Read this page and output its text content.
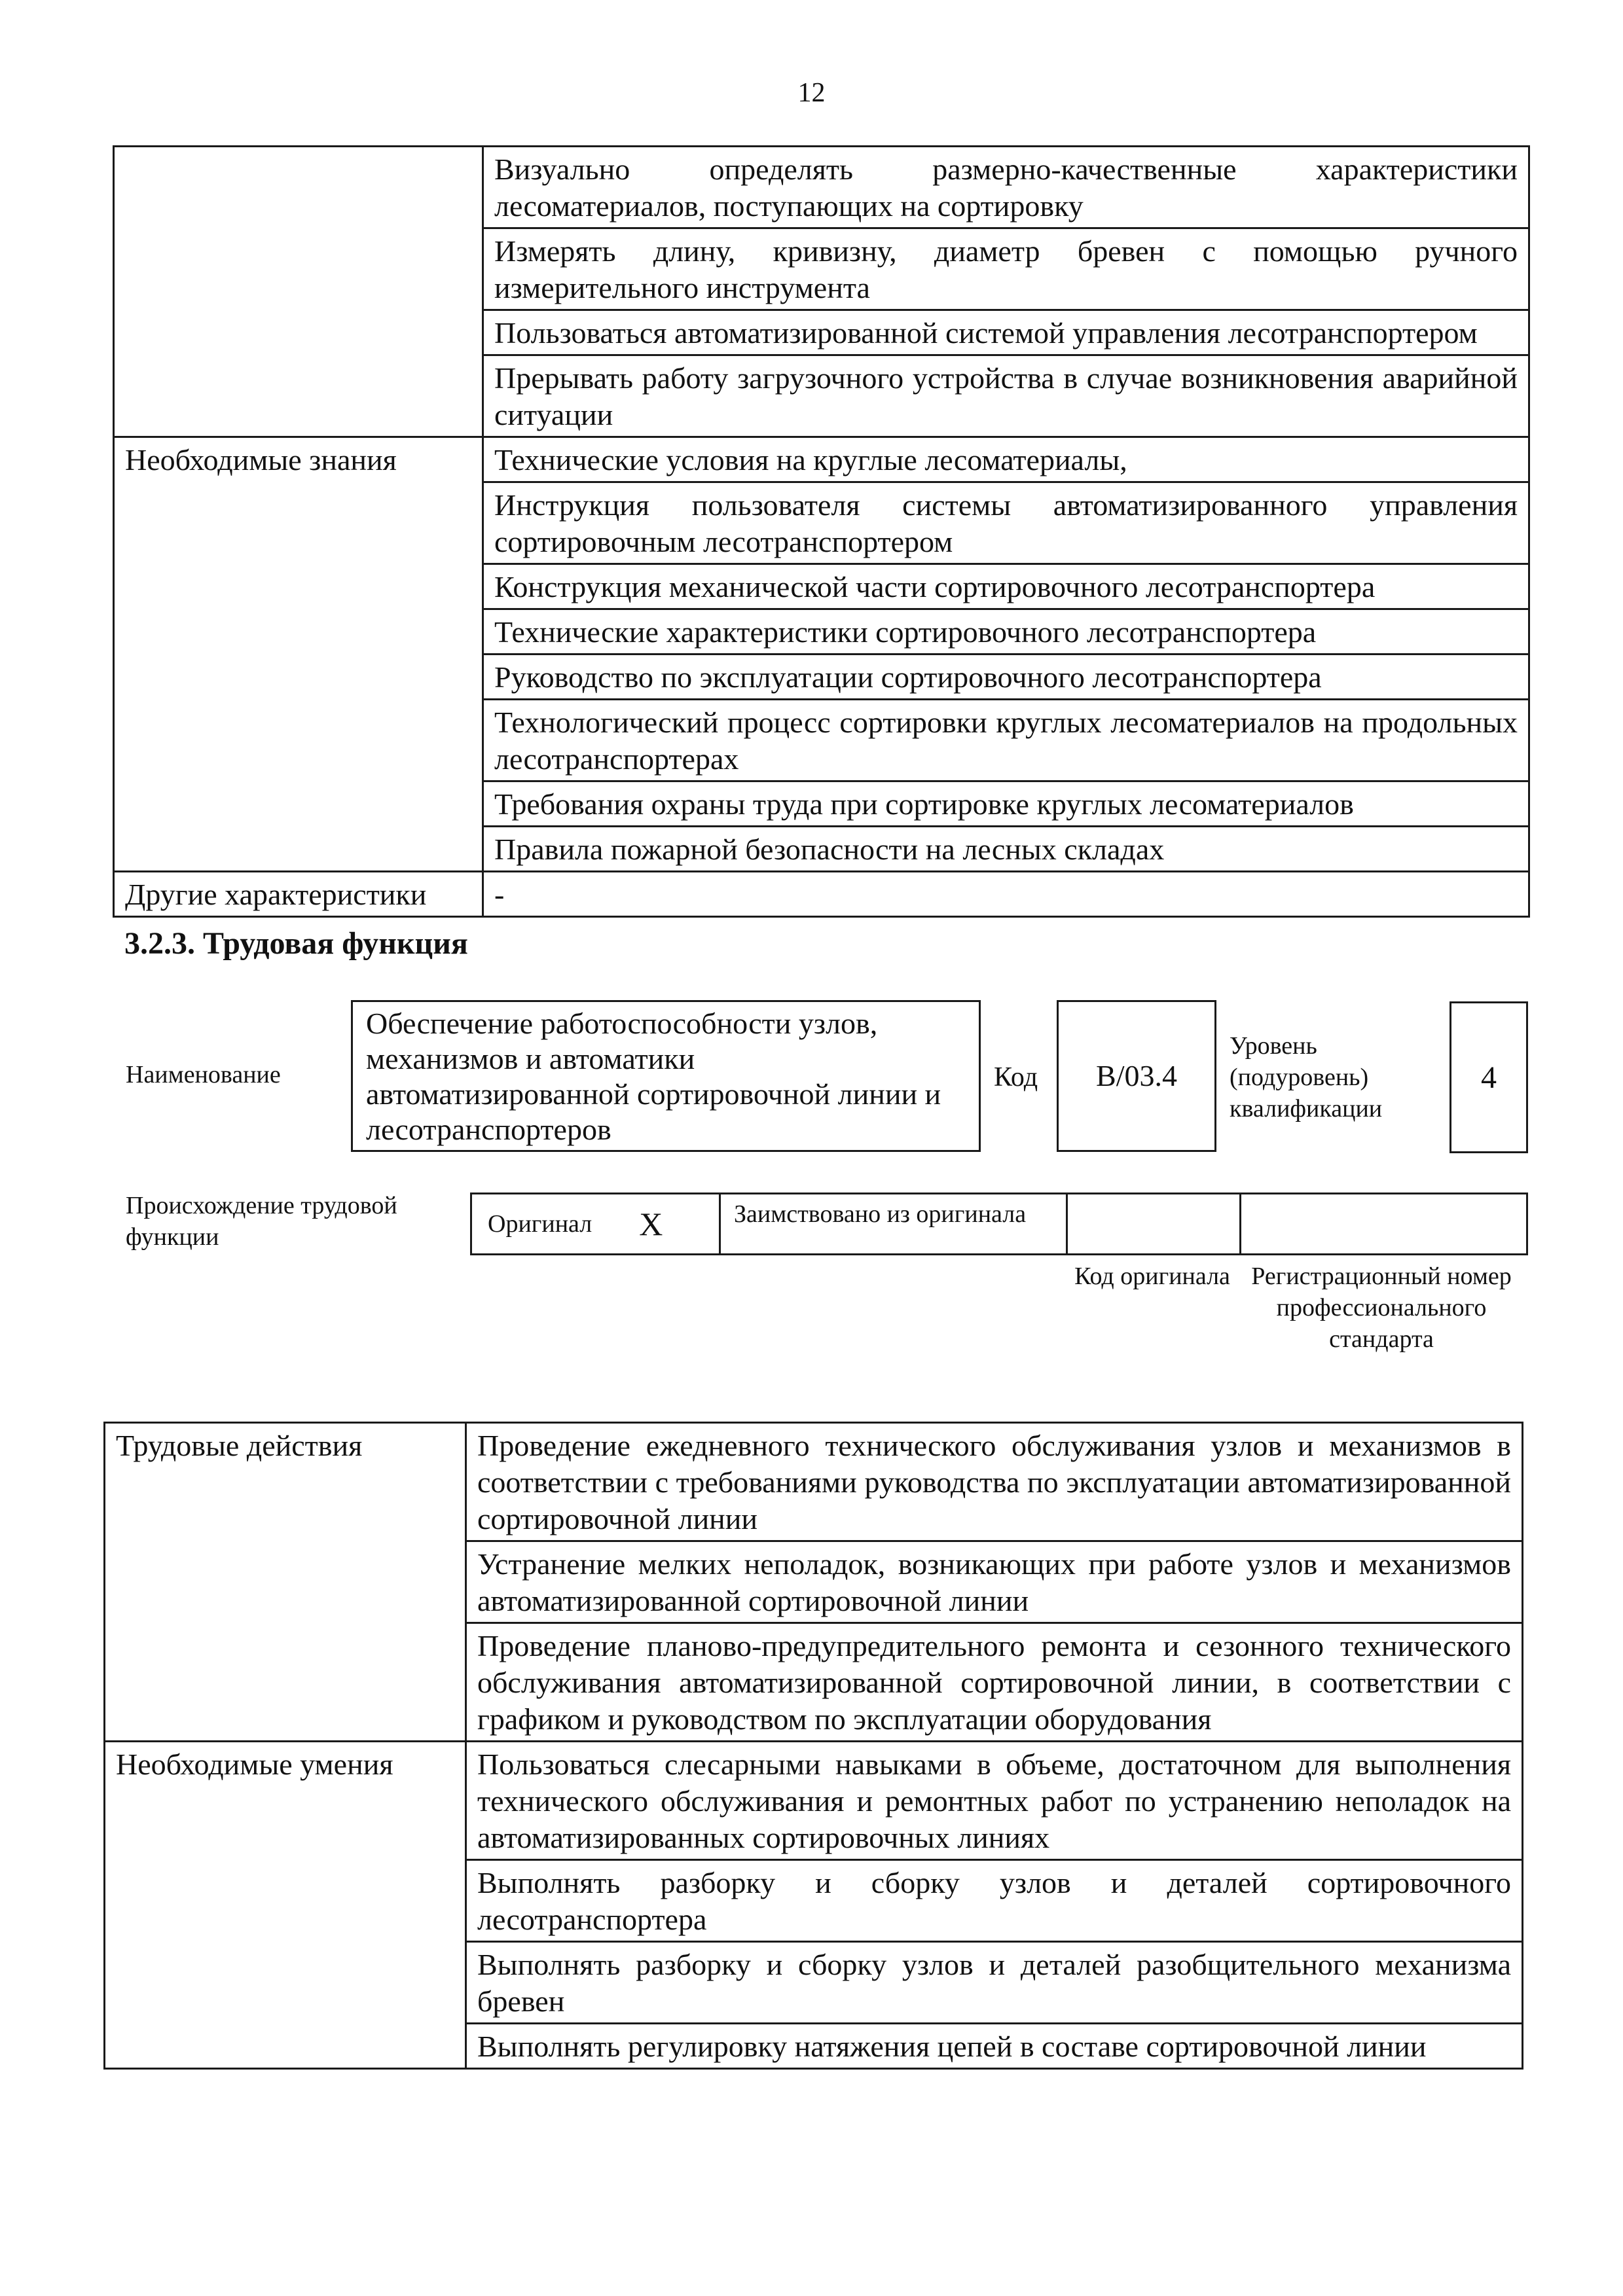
12
	Визуально определять размерно-качественные характеристики лесоматериалов, поступающих на сортировку
	Измерять длину, кривизну, диаметр бревен с помощью ручного измерительного инструмента
	Пользоваться автоматизированной системой управления лесотранспортером
	Прерывать работу загрузочного устройства в случае возникновения аварийной ситуации
Необходимые знания	Технические условия на круглые лесоматериалы,
	Инструкция пользователя системы автоматизированного управления сортировочным лесотранспортером
	Конструкция механической части сортировочного лесотранспортера
	Технические характеристики сортировочного лесотранспортера
	Руководство по эксплуатации сортировочного лесотранспортера
	Технологический процесс сортировки круглых лесоматериалов на продольных лесотранспортерах
	Требования охраны труда при сортировке круглых лесоматериалов
	Правила пожарной безопасности на лесных складах
Другие характеристики	-
3.2.3. Трудовая функция
Наименование
Обеспечение работоспособности узлов, механизмов и автоматики автоматизированной сортировочной линии и лесотранспортеров
Код	B/03.4
Уровень (подуровень) квалификации
4
Происхождение трудовой функции	Оригинал X	Заимствовано из оригинала
Код оригинала Регистрационный номер профессионального стандарта
Трудовые действия	Проведение ежедневного технического обслуживания узлов и механизмов в соответствии с требованиями руководства по эксплуатации автоматизированной сортировочной линии
	Устранение мелких неполадок, возникающих при работе узлов и механизмов автоматизированной сортировочной линии
	Проведение планово-предупредительного ремонта и сезонного технического обслуживания автоматизированной сортировочной линии, в соответствии с графиком и руководством по эксплуатации оборудования
Необходимые умения	Пользоваться слесарными навыками в объеме, достаточном для выполнения технического обслуживания и ремонтных работ по устранению неполадок на автоматизированных сортировочных линиях
	Выполнять разборку и сборку узлов и деталей сортировочного лесотранспортера
	Выполнять разборку и сборку узлов и деталей разобщительного механизма бревен
	Выполнять регулировку натяжения цепей в составе сортировочной линии
